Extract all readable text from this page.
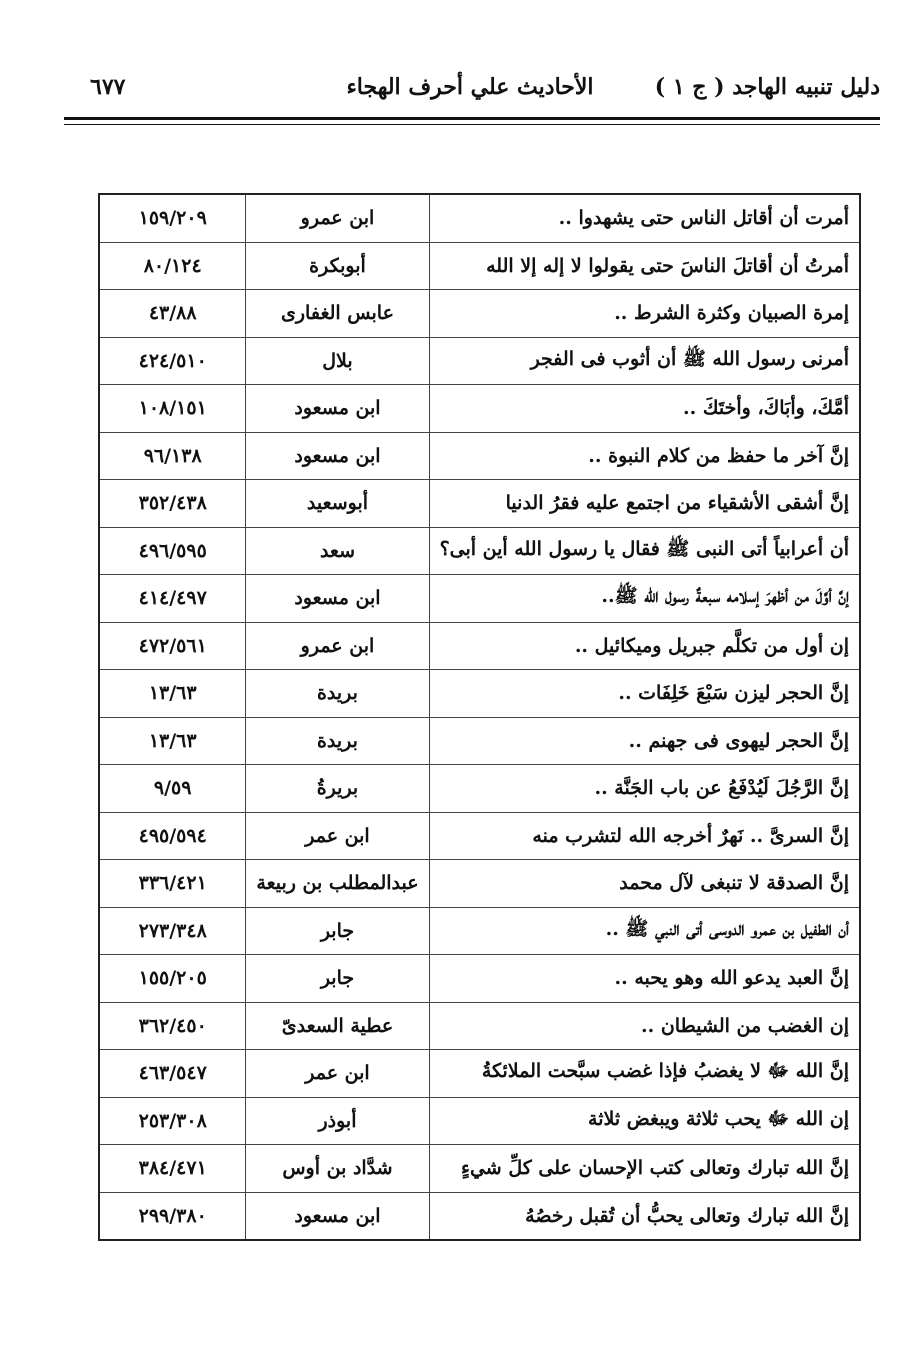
دليل تنبيه الهاجد ( ج ١ )
الأحاديث علي أحرف الهجاء
٦٧٧
أمرت أن أقاتل الناس حتى يشهدوا ..	ابن عمرو	١٥٩/٢٠٩
أمرتُ أن أقاتلَ الناسَ حتى يقولوا لا إله إلا الله	أبوبكرة	٨٠/١٢٤
إمرة الصبيان وكثرة الشرط ..	عابس الغفارى	٤٣/٨٨
أمرنى رسول الله ﷺ أن أثوب فى الفجر	بلال	٤٢٤/٥١٠
أمَّكَ، وأبَاكَ، وأختَكَ ..	ابن مسعود	١٠٨/١٥١
إنَّ آخر ما حفظ من كلام النبوة ..	ابن مسعود	٩٦/١٣٨
إنَّ أشقى الأشقياء من اجتمع عليه فقرُ الدنيا	أبوسعيد	٣٥٢/٤٣٨
أن أعرابياً أتى النبى ﷺ فقال يا رسول الله أين أبى؟	سعد	٤٩٦/٥٩٥
إنَّ أوَّلَ من أظهرَ إسلامه سبعةٌ رسول الله ﷺ..	ابن مسعود	٤١٤/٤٩٧
إن أول من تكلَّم جبريل وميكائيل ..	ابن عمرو	٤٧٢/٥٦١
إنَّ الحجر ليزن سَبْعَ خَلِفَات ..	بريدة	١٣/٦٣
إنَّ الحجر ليهوى فى جهنم ..	بريدة	١٣/٦٣
إنَّ الرَّجُلَ لَيُدْفَعُ عن باب الجَنَّة ..	بريرةُ	٩/٥٩
إنَّ السرىَّ .. نَهرٌ أخرجه الله لتشرب منه	ابن عمر	٤٩٥/٥٩٤
إنَّ الصدقة لا تنبغى لآل محمد	عبدالمطلب بن ربيعة	٣٣٦/٤٢١
أن الطفيل بن عمرو الدوسى أتى النبي ﷺ ..	جابر	٢٧٣/٣٤٨
إنَّ العبد يدعو الله وهو يحبه ..	جابر	١٥٥/٢٠٥
إن الغضب من الشيطان ..	عطية السعدىّ	٣٦٢/٤٥٠
إنَّ الله ﷻ لا يغضبُ فإذا غضب سبَّحت الملائكةُ	ابن عمر	٤٦٣/٥٤٧
إن الله ﷻ يحب ثلاثة ويبغض ثلاثة	أبوذر	٢٥٣/٣٠٨
إنَّ الله تبارك وتعالى كتب الإحسان على كلِّ شيءٍ	شدَّاد بن أوس	٣٨٤/٤٧١
إنَّ الله تبارك وتعالى يحبُّ أن تُقبل رخصُهُ	ابن مسعود	٢٩٩/٣٨٠
